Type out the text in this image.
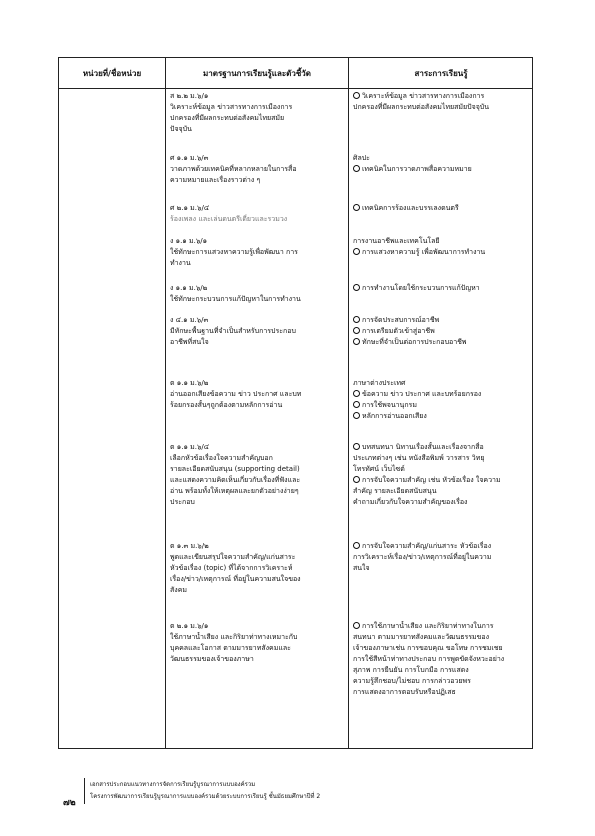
หน่วยที่/ชื่อหน่วย	มาตรฐานการเรียนรู้และตัวชี้วัด	สาระการเรียนรู้
ส ๒.๒ ม.๖/๑
วิเคราะห์ข้อมูล ข่าวสารทางการเมืองการ
ปกครองที่มีผลกระทบต่อสังคมไทยสมัย
ปัจจุบัน
ศ ๑.๑ ม.๖/๓
วาดภาพด้วยเทคนิคที่หลากหลายในการสื่อ
ความหมายและเรื่องราวต่าง ๆ
ศ ๒.๑ ม.๖/๔
ร้องเพลง และเล่นดนตรีเดี่ยวและรวมวง
ง ๑.๑ ม.๖/๑
ใช้ทักษะการแสวงหาความรู้เพื่อพัฒนา การ
ทำงาน
ง ๑.๑ ม.๖/๒
ใช้ทักษะกระบวนการแก้ปัญหาในการทำงาน
ง ๔.๑ ม.๖/๓
มีทักษะพื้นฐานที่จำเป็นสำหรับการประกอบ
อาชีพที่สนใจ
ต ๑.๑ ม.๖/๒
อ่านออกเสียงข้อความ ข่าว ประกาศ และบท
ร้อยกรองสั้นๆถูกต้องตามหลักการอ่าน
ต ๑.๑ ม.๖/๔
เลือกหัวข้อเรื่องใจความสำคัญบอก
รายละเอียดสนับสนุน (supporting detail)
และแสดงความคิดเห็นเกี่ยวกับเรื่องที่ฟังและ
อ่าน พร้อมทั้งให้เหตุผลและยกตัวอย่างง่ายๆ
ประกอบ
ต ๑.๓ ม.๖/๒
พูดและเขียนสรุปใจความสำคัญ/แก่นสาระ
หัวข้อเรื่อง (topic) ที่ได้จากการวิเคราะห์
เรื่อง/ข่าว/เหตุการณ์ ที่อยู่ในความสนใจของ
สังคม
ต ๒.๑ ม.๖/๑
ใช้ภาษาน้ำเสียง และกิริยาท่าทางเหมาะกับ
บุคคลและโอกาส ตามมารยาทสังคมและ
วัฒนธรรมของเจ้าของภาษา
วิเคราะห์ข้อมูล ข่าวสารทางการเมืองการ
ปกครองที่มีผลกระทบต่อสังคมไทยสมัยปัจจุบัน
ศิลปะ
เทคนิคในการวาดภาพสื่อความหมาย
เทคนิคการร้องและบรรเลงดนตรี
การงานอาชีพและเทคโนโลยี
การแสวงหาความรู้ เพื่อพัฒนาการทำงาน
การทำงานโดยใช้กระบวนการแก้ปัญหา
การจัดประสบการณ์อาชีพ
การเตรียมตัวเข้าสู่อาชีพ
ทักษะที่จำเป็นต่อการประกอบอาชีพ
ภาษาต่างประเทศ
ข้อความ ข่าว ประกาศ และบทร้อยกรอง
การใช้พจนานุกรม
หลักการอ่านออกเสียง
บทสนทนา นิทานเรื่องสั้นและเรื่องจากสื่อ
ประเภทต่างๆ เช่น หนังสือพิมพ์ วารสาร วิทยุ
โทรทัศน์ เว็บไซต์
การจับใจความสำคัญ เช่น หัวข้อเรื่อง ใจความ
สำคัญ รายละเอียดสนับสนุน
คำถามเกี่ยวกับใจความสำคัญของเรื่อง
การจับใจความสำคัญ/แก่นสาระ หัวข้อเรื่อง
การวิเคราะห์เรื่อง/ข่าว/เหตุการณ์ที่อยู่ในความ
สนใจ
การใช้ภาษาน้ำเสียง และกิริยาท่าทางในการ
สนทนา ตามมารยาทสังคมและวัฒนธรรมของ
เจ้าของภาษาเช่น การขอบคุณ ขอโทษ การชมเชย
การใช้สีหน้าท่าทางประกอบ การพูดขัดจังหวะอย่าง
สุภาพ การยืนยัน การโบกมือ การแสดง
ความรู้สึกชอบ/ไม่ชอบ การกล่าวอวยพร
การแสดงอาการตอบรับหรือปฏิเสธ
๗๒
เอกสารประกอบแนวทางการจัดการเรียนรู้บูรณาการแบบองค์รวม
โครงการพัฒนาการเรียนรู้บูรณาการแบบองค์รวมด้วยระบบการเรียนรู้ ชั้นมัธยมศึกษาปีที่ 2
